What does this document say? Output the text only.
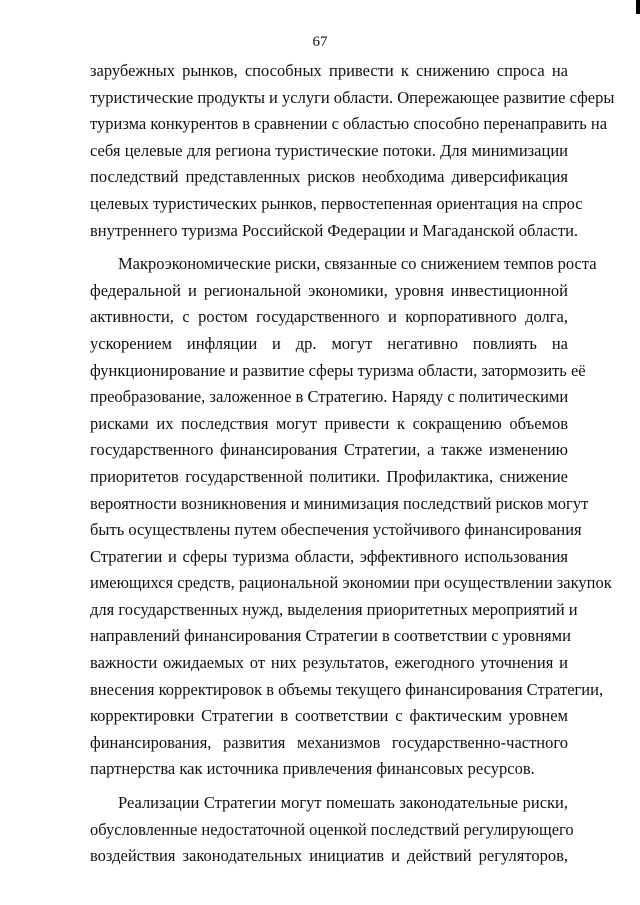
67
зарубежных рынков, способных привести к снижению спроса на
туристические продукты и услуги области. Опережающее развитие сферы
туризма конкурентов в сравнении с областью способно перенаправить на
себя целевые для региона туристические потоки. Для минимизации
последствий представленных рисков необходима диверсификация
целевых туристических рынков, первостепенная ориентация на спрос
внутреннего туризма Российской Федерации и Магаданской области.
Макроэкономические риски, связанные со снижением темпов роста
федеральной и региональной экономики, уровня инвестиционной
активности, с ростом государственного и корпоративного долга,
ускорением инфляции и др. могут негативно повлиять на
функционирование и развитие сферы туризма области, затормозить её
преобразование, заложенное в Стратегию. Наряду с политическими
рисками их последствия могут привести к сокращению объемов
государственного финансирования Стратегии, а также изменению
приоритетов государственной политики. Профилактика, снижение
вероятности возникновения и минимизация последствий рисков могут
быть осуществлены путем обеспечения устойчивого финансирования
Стратегии и сферы туризма области, эффективного использования
имеющихся средств, рациональной экономии при осуществлении закупок
для государственных нужд, выделения приоритетных мероприятий и
направлений финансирования Стратегии в соответствии с уровнями
важности ожидаемых от них результатов, ежегодного уточнения и
внесения корректировок в объемы текущего финансирования Стратегии,
корректировки Стратегии в соответствии с фактическим уровнем
финансирования, развития механизмов государственно-частного
партнерства как источника привлечения финансовых ресурсов.
Реализации Стратегии могут помешать законодательные риски,
обусловленные недостаточной оценкой последствий регулирующего
воздействия законодательных инициатив и действий регуляторов,
